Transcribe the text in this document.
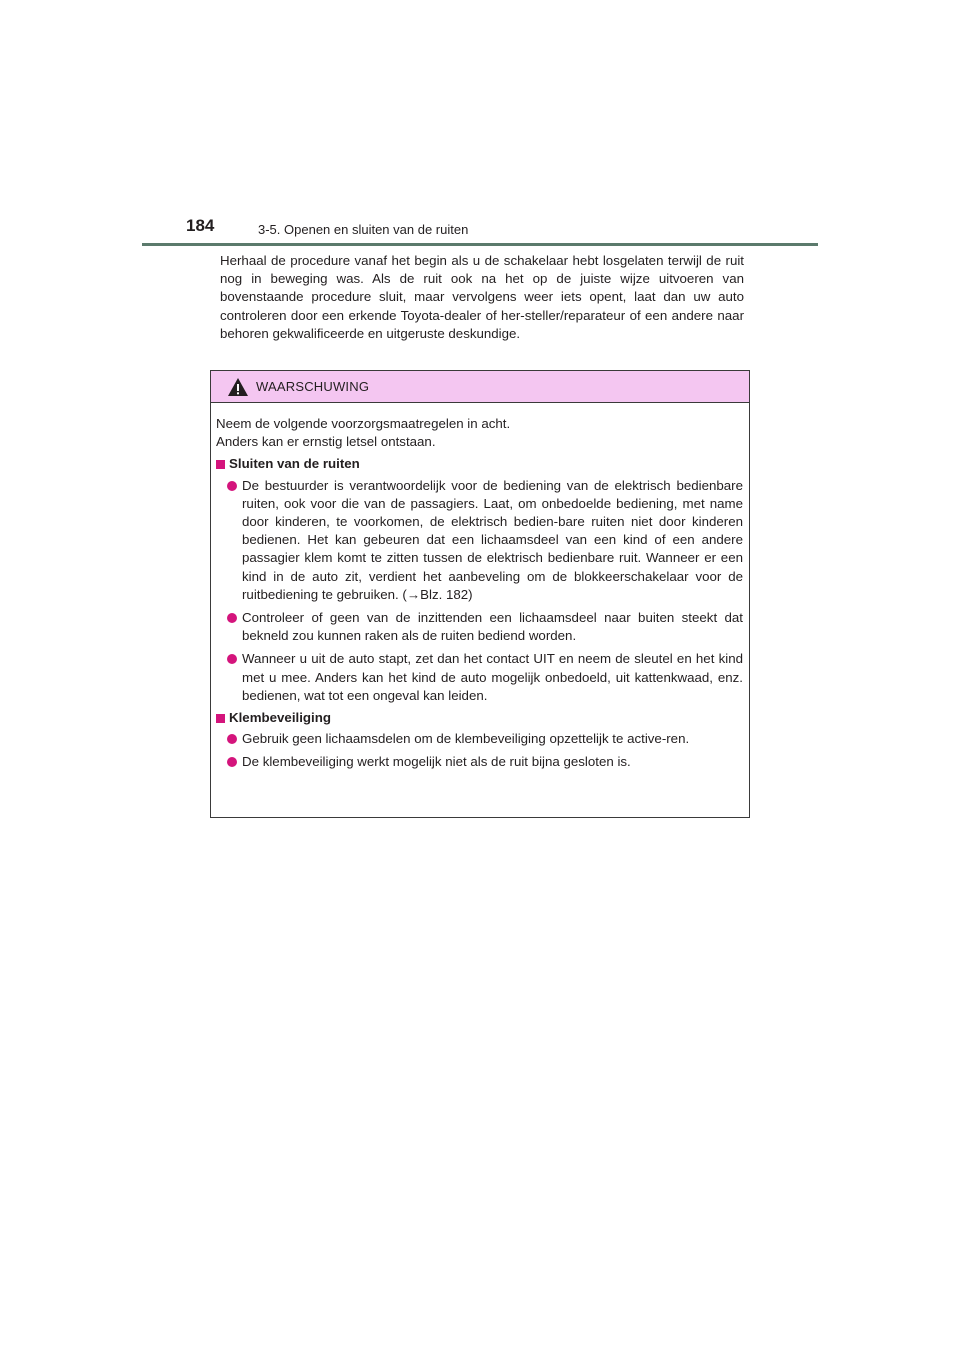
184	3-5. Openen en sluiten van de ruiten
Herhaal de procedure vanaf het begin als u de schakelaar hebt losgelaten terwijl de ruit nog in beweging was. Als de ruit ook na het op de juiste wijze uitvoeren van bovenstaande procedure sluit, maar vervolgens weer iets opent, laat dan uw auto controleren door een erkende Toyota-dealer of her-steller/reparateur of een andere naar behoren gekwalificeerde en uitgeruste deskundige.
WAARSCHUWING

Neem de volgende voorzorgsmaatregelen in acht.

Anders kan er ernstig letsel ontstaan.

Sluiten van de ruiten
De bestuurder is verantwoordelijk voor de bediening van de elektrisch bedienbare ruiten, ook voor die van de passagiers. Laat, om onbedoelde bediening, met name door kinderen, te voorkomen, de elektrisch bedien-bare ruiten niet door kinderen bedienen. Het kan gebeuren dat een lichaamsdeel van een kind of een andere passagier klem komt te zitten tussen de elektrisch bedienbare ruit. Wanneer er een kind in de auto zit, verdient het aanbeveling om de blokkeerschakelaar voor de ruitbediening te gebruiken. (→Blz. 182)
Controleer of geen van de inzittenden een lichaamsdeel naar buiten steekt dat bekneld zou kunnen raken als de ruiten bediend worden.
Wanneer u uit de auto stapt, zet dan het contact UIT en neem de sleutel en het kind met u mee. Anders kan het kind de auto mogelijk onbedoeld, uit kattenkwaad, enz. bedienen, wat tot een ongeval kan leiden.
Klembeveiliging
Gebruik geen lichaamsdelen om de klembeveiliging opzettelijk te active-ren.
De klembeveiliging werkt mogelijk niet als de ruit bijna gesloten is.
